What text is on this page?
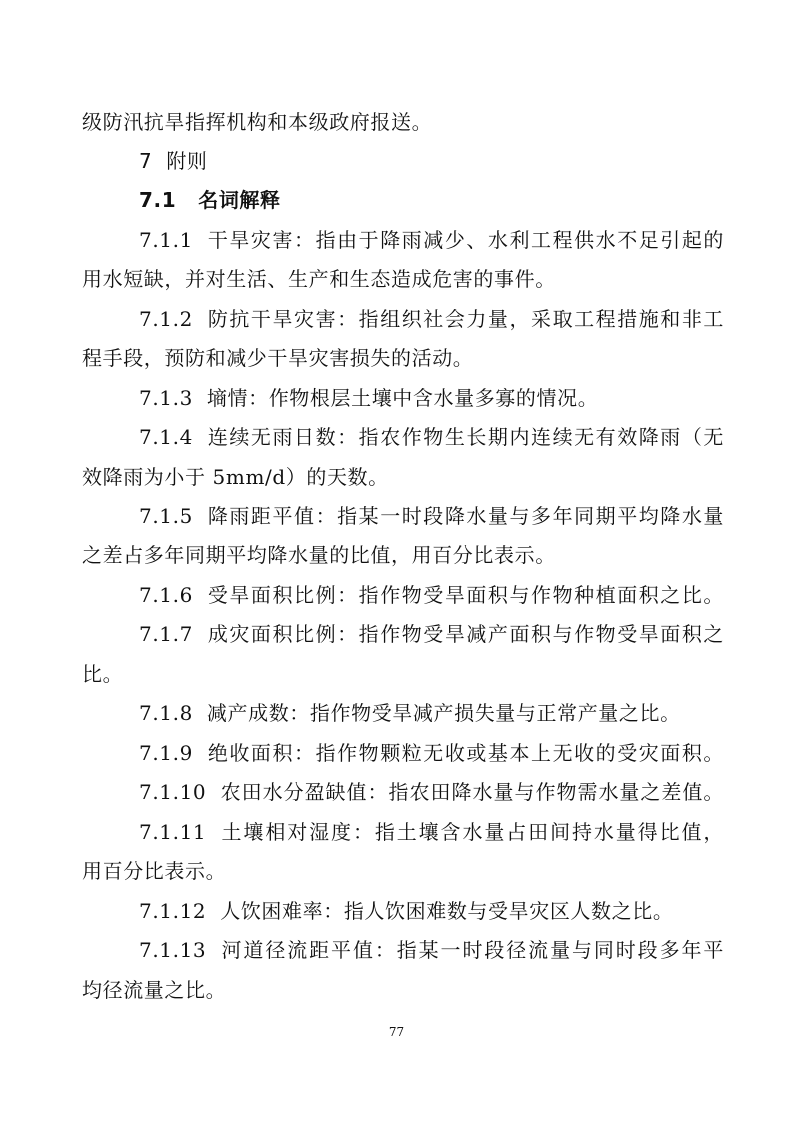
级防汛抗旱指挥机构和本级政府报送。
7 附则
7.1 名词解释
7.1.1 干旱灾害：指由于降雨减少、水利工程供水不足引起的
用水短缺，并对生活、生产和生态造成危害的事件。
7.1.2 防抗干旱灾害：指组织社会力量，采取工程措施和非工
程手段，预防和减少干旱灾害损失的活动。
7.1.3 墒情：作物根层土壤中含水量多寡的情况。
7.1.4 连续无雨日数：指农作物生长期内连续无有效降雨（无
效降雨为小于 5mm/d）的天数。
7.1.5 降雨距平值：指某一时段降水量与多年同期平均降水量
之差占多年同期平均降水量的比值，用百分比表示。
7.1.6 受旱面积比例：指作物受旱面积与作物种植面积之比。
7.1.7 成灾面积比例：指作物受旱减产面积与作物受旱面积之
比。
7.1.8 减产成数：指作物受旱减产损失量与正常产量之比。
7.1.9 绝收面积：指作物颗粒无收或基本上无收的受灾面积。
7.1.10 农田水分盈缺值：指农田降水量与作物需水量之差值。
7.1.11 土壤相对湿度：指土壤含水量占田间持水量得比值，
用百分比表示。
7.1.12 人饮困难率：指人饮困难数与受旱灾区人数之比。
7.1.13 河道径流距平值：指某一时段径流量与同时段多年平
均径流量之比。
77
